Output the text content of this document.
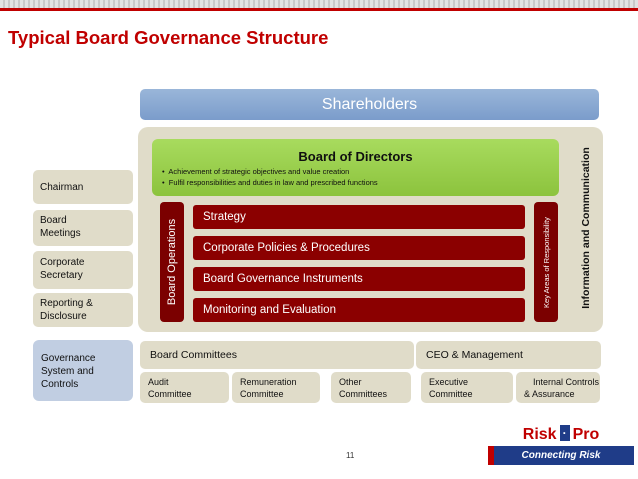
Typical Board Governance Structure
Shareholders
Board of Directors
•  Achievement of strategic objectives and value creation
•  Fulfil responsibilities and duties in law and prescribed functions	Information and Communication
Board Operations	Key Areas of Responsibility
Strategy
Corporate Policies & Procedures
Board Governance Instruments
Monitoring and Evaluation
Chairman
Board
Meetings
Corporate
Secretary
Reporting &
Disclosure
Governance
System and
Controls
Board Committees	CEO & Management
Audit
Committee
Remuneration
Committee
Other
Committees
Executive
Committee
Internal Controls
& Assurance
11
Risk · Pro
Connecting Risk Professionals
